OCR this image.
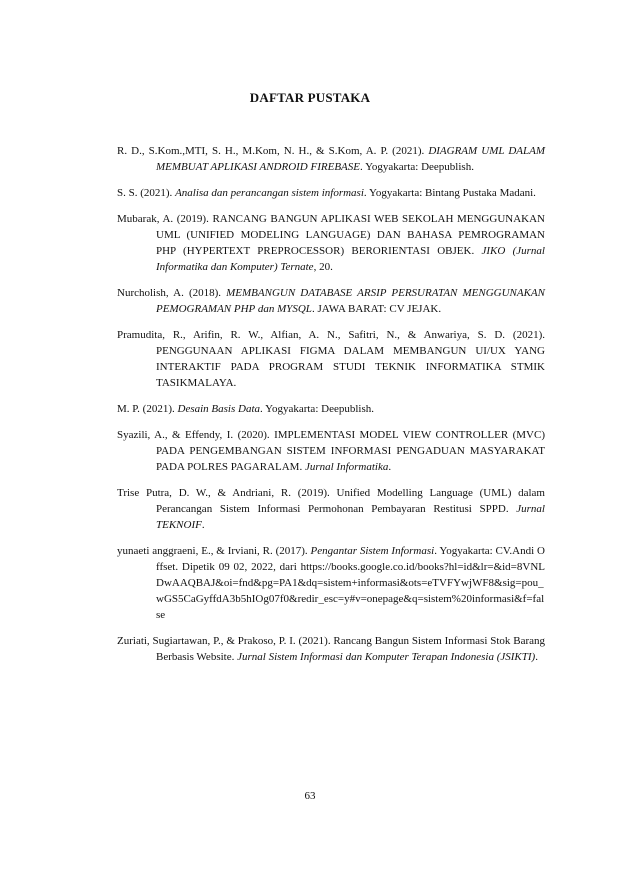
DAFTAR PUSTAKA

R. D., S.Kom.,MTI, S. H., M.Kom, N. H., & S.Kom, A. P. (2021). DIAGRAM UML DALAM MEMBUAT APLIKASI ANDROID FIREBASE. Yogyakarta: Deepublish.

S. S. (2021). Analisa dan perancangan sistem informasi. Yogyakarta: Bintang Pustaka Madani.

Mubarak, A. (2019). RANCANG BANGUN APLIKASI WEB SEKOLAH MENGGUNAKAN UML (UNIFIED MODELING LANGUAGE) DAN BAHASA PEMROGRAMAN PHP (HYPERTEXT PREPROCESSOR) BERORIENTASI OBJEK. JIKO (Jurnal Informatika dan Komputer) Ternate, 20.

Nurcholish, A. (2018). MEMBANGUN DATABASE ARSIP PERSURATAN MENGGUNAKAN PEMOGRAMAN PHP dan MYSQL. JAWA BARAT: CV JEJAK.

Pramudita, R., Arifin, R. W., Alfian, A. N., Safitri, N., & Anwariya, S. D. (2021). PENGGUNAAN APLIKASI FIGMA DALAM MEMBANGUN UI/UX YANG INTERAKTIF PADA PROGRAM STUDI TEKNIK INFORMATIKA STMIK TASIKMALAYA.

M. P. (2021). Desain Basis Data. Yogyakarta: Deepublish.

Syazili, A., & Effendy, I. (2020). IMPLEMENTASI MODEL VIEW CONTROLLER (MVC) PADA PENGEMBANGAN SISTEM INFORMASI PENGADUAN MASYARAKAT PADA POLRES PAGARALAM. Jurnal Informatika.

Trise Putra, D. W., & Andriani, R. (2019). Unified Modelling Language (UML) dalam Perancangan Sistem Informasi Permohonan Pembayaran Restitusi SPPD. Jurnal TEKNOIF.

yunaeti anggraeni, E., & Irviani, R. (2017). Pengantar Sistem Informasi. Yogyakarta: CV.Andi Offset. Dipetik 09 02, 2022, dari https://books.google.co.id/books?hl=id&lr=&id=8VNLDwAAQBAJ&oi=fnd&pg=PA1&dq=sistem+informasi&ots=eTVFYwjWF8&sig=pou_wGS5CaGyffdA3b5hIOg07f0&redir_esc=y#v=onepage&q=sistem%20informasi&f=false

Zuriati, Sugiartawan, P., & Prakoso, P. I. (2021). Rancang Bangun Sistem Informasi Stok Barang Berbasis Website. Jurnal Sistem Informasi dan Komputer Terapan Indonesia (JSIKTI).

63
